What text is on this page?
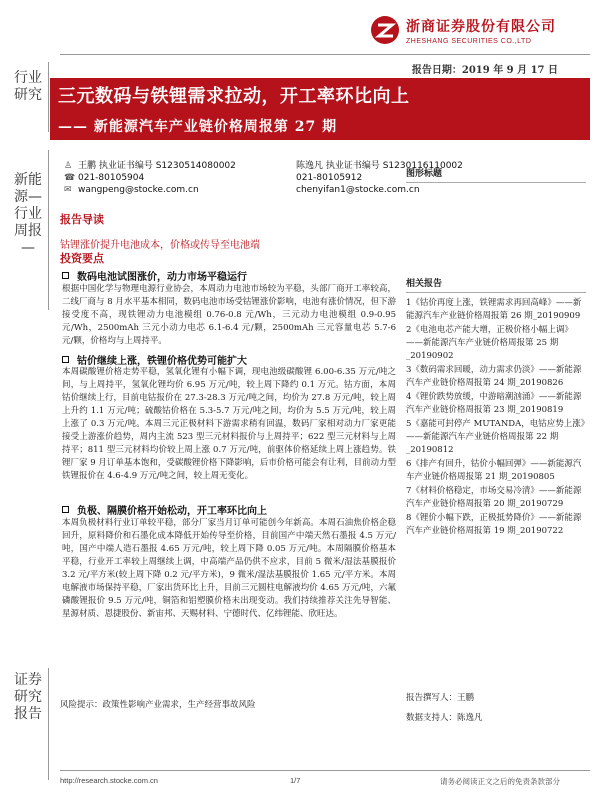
浙商证券股份有限公司
ZHESHANG SECURITIES CO.,LTD
行业研究
新能源—行业周报—
证券研究报告
报告日期：2019 年 9 月 17 日
三元数码与铁锂需求拉动，开工率环比向上
—— 新能源汽车产业链价格周报第 27 期
♙ 王鹏 执业证书编号 S1230514080002	陈逸凡 执业证书编号 S1230116110002
☎ 021-80105904	021-80105912
✉ wangpeng@stocke.com.cn	chenyifan1@stocke.com.cn
图形标题
相关报告

1《钴价再度上涨，铁锂需求再回高峰》——新能源汽车产业链价格周报第 26 期_20190909

2《电池电芯产能大增，正极价格小幅上调》——新能源汽车产业链价格周报第 25 期_20190902

3《数码需求回暖，动力需求仍淡》——新能源汽车产业链价格周报第 24 期_20190826

4《锂价跌势放缓，中游暗潮汹涌》——新能源汽车产业链价格周报第 23 期_20190819

5《嘉能可封停产 MUTANDA，电钴应势上涨》——新能源汽车产业链价格周报第 22 期_20190812

6《排产有回升，钴价小幅回弹》——新能源汽车产业链价格周报第 21 期_20190805

7《材料价格稳定，市场交易冷清》——新能源汽车产业链价格周报第 20 期_20190729

8《锂价小幅下跌，正极抵势降价》——新能源汽车产业链价格周报第 19 期_20190722

报告撰写人：王鹏
数据支持人：陈逸凡
报告导读
钴锂涨价提升电池成本，价格或传导至电池端
投资要点
数码电池试图涨价，动力市场平稳运行
根据中国化学与物理电源行业协会，本周动力电池市场较为平稳，头部厂商开工率较高，二线厂商与 8 月水平基本相同，数码电池市场受钴锂涨价影响，电池有涨价情况，但下游接受度不高，现铁锂动力电池模组 0.76-0.8 元/Wh，三元动力电池模组 0.9-0.95 元/Wh，2500mAh 三元小动力电芯 6.1-6.4 元/颗，2500mAh 三元容量电芯 5.7-6 元/颗，价格均与上周持平。
钴价继续上涨，铁锂价格优势可能扩大
本周碳酸锂价格走势平稳，氢氧化锂有小幅下调，现电池级碳酸锂 6.00-6.35 万元/吨之间，与上周持平，氢氧化锂均价 6.95 万元/吨，较上周下降约 0.1 万元。钴方面，本周钴价继续上行，目前电钴报价在 27.3-28.3 万元/吨之间，均价为 27.8 万元/吨，较上周上升约 1.1 万元/吨；硫酸钴价格在 5.3-5.7 万元/吨之间，均价为 5.5 万元/吨，较上周上涨了 0.3 万元/吨。本周三元正极材料下游需求稍有回温，数码厂家相对动力厂家更能接受上游涨价趋势，周内主流 523 型三元材料报价与上周持平；622 型三元材料与上周持平；811 型三元材料均价较上周上涨 0.7 万元/吨，前驱体价格延续上周上涨趋势。铁锂厂家 9 月订单基本饱和，受碳酸锂价格下降影响，后市价格可能会有让利，目前动力型铁锂报价在 4.6-4.9 万元/吨之间，较上周无变化。
负极、隔膜价格开始松动，开工率环比向上
本周负极材料行业订单较平稳，部分厂家当月订单可能创今年新高。本周石油焦价格企稳回升，原料降价和石墨化成本降低开始传导至价格，目前国产中端天然石墨报 4.5 万元/吨，国产中端人造石墨报 4.65 万元/吨，较上周下降 0.05 万元/吨。本周隔膜价格基本平稳，行业开工率较上周继续上调，中高端产品仍供不应求，目前 5 微米/湿法基膜报价 3.2 元/平方米(较上周下降 0.2 元/平方米)，9 微米/湿法基膜报价 1.65 元/平方米。本周电解液市场保持平稳，厂家出货环比上升，目前三元圆柱电解液均价 4.65 万元/吨，六氟磷酸锂报价 9.5 万元/吨，铜箔和铝塑膜价格未出现变动。我们持续推荐关注先导智能、星源材质、恩捷股份、新宙邦、天赐材料、宁德时代、亿纬锂能、欣旺达。
风险提示：政策性影响产业需求，生产经营事故风险
http://research.stocke.com.cn	1/7	请务必阅读正文之后的免责条款部分
